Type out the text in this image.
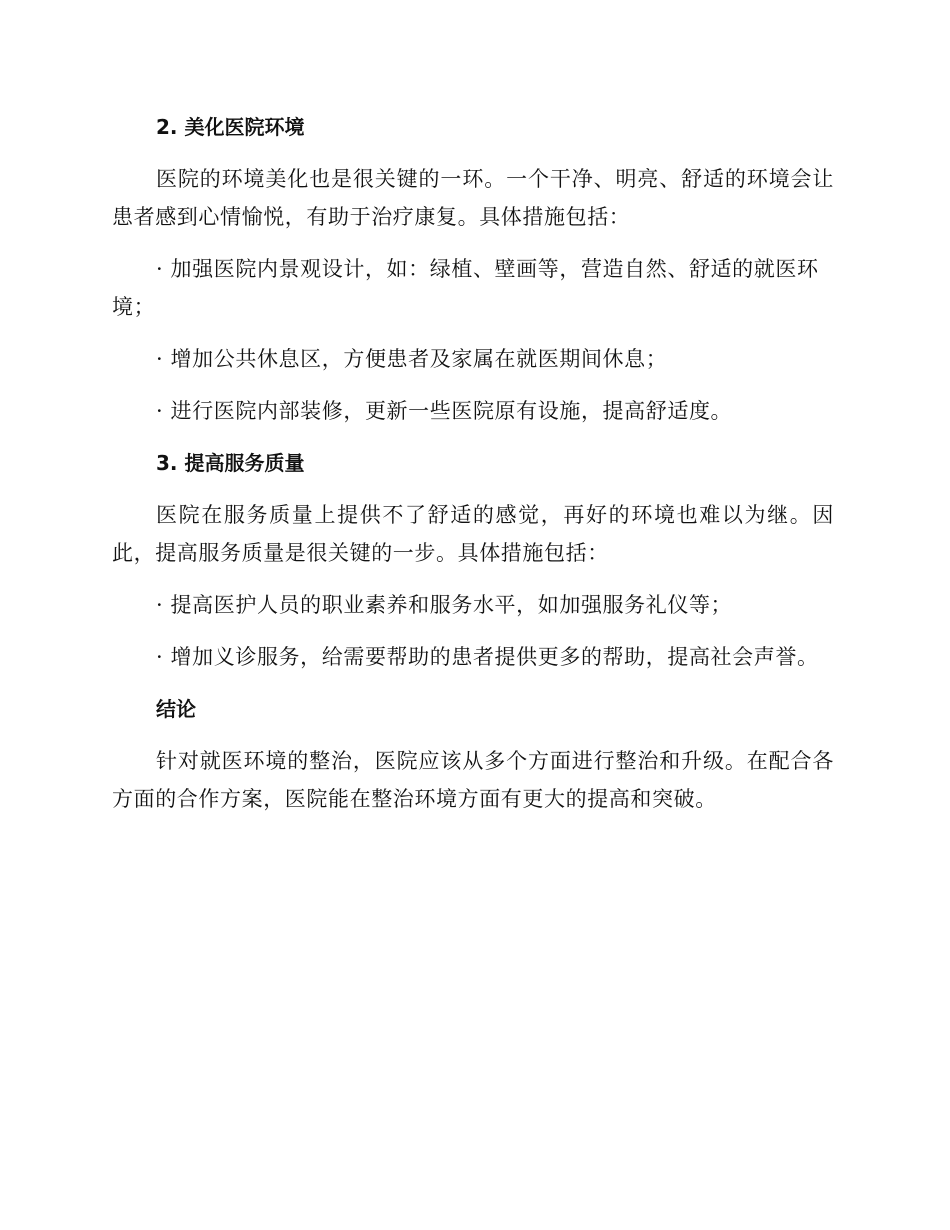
2. 美化医院环境

医院的环境美化也是很关键的一环。一个干净、明亮、舒适的环境会让患者感到心情愉悦，有助于治疗康复。具体措施包括：

· 加强医院内景观设计，如：绿植、壁画等，营造自然、舒适的就医环境；

· 增加公共休息区，方便患者及家属在就医期间休息；

· 进行医院内部装修，更新一些医院原有设施，提高舒适度。

3. 提高服务质量

医院在服务质量上提供不了舒适的感觉，再好的环境也难以为继。因此，提高服务质量是很关键的一步。具体措施包括：

· 提高医护人员的职业素养和服务水平，如加强服务礼仪等；

· 增加义诊服务，给需要帮助的患者提供更多的帮助，提高社会声誉。

结论

针对就医环境的整治，医院应该从多个方面进行整治和升级。在配合各方面的合作方案，医院能在整治环境方面有更大的提高和突破。
